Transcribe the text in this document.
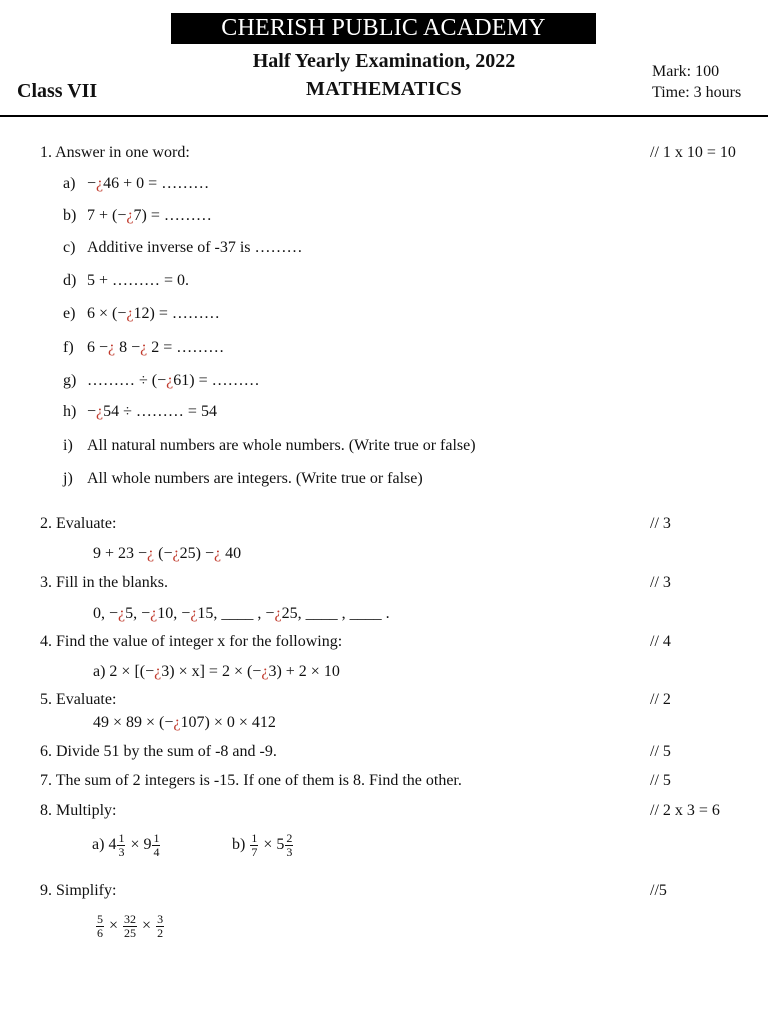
CHERISH PUBLIC ACADEMY
Half Yearly Examination, 2022
MATHEMATICS
Class VII
Mark: 100
Time: 3 hours
1. Answer in one word:	// 1 x 10 = 10
a) −¿46 + 0 = ………
b) 7 + (−¿7) = ………
c) Additive inverse of -37 is ………
d) 5 + ……… = 0.
e) 6 × (−¿12) = ………
f) 6 −¿ 8 −¿ 2 = ………
g) ……… ÷ (−¿61) = ………
h) −¿54 ÷ ……… = 54
i) All natural numbers are whole numbers. (Write true or false)
j) All whole numbers are integers. (Write true or false)
2. Evaluate:	// 3
9 + 23 −¿ (−¿25) −¿ 40
3. Fill in the blanks.	// 3
0, −¿5, −¿10, −¿15, ____ , −¿25, ____ , ____ .
4. Find the value of integer x for the following:	// 4
a) 2 × [(−¿3) × x] = 2 × (−¿3) + 2 × 10
5. Evaluate:	// 2
49 × 89 × (−¿107) × 0 × 412
6. Divide 51 by the sum of -8 and -9.	// 5
7. The sum of 2 integers is -15. If one of them is 8. Find the other.	// 5
8. Multiply:	// 2 x 3 = 6
a) $4 \frac{1}{3} \times 9 \frac{1}{4}$	$b) \frac{1}{7} \times 5 \frac{2}{3}$
9. Simplify:	//5
$\frac{5}{6} \times \frac{32}{25} \times \frac{3}{2}$
